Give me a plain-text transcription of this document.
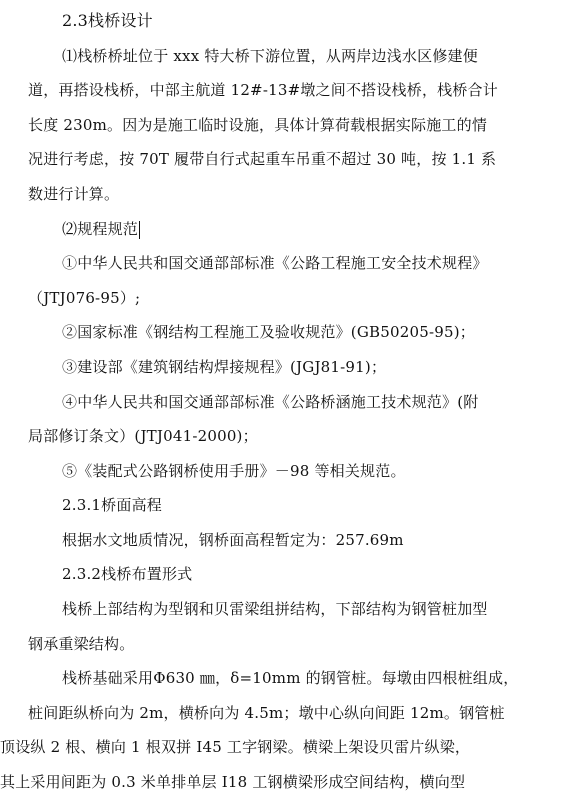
2.3栈桥设计
⑴栈桥桥址位于 xxx 特大桥下游位置，从两岸边浅水区修建便
道，再搭设栈桥，中部主航道 12#-13#墩之间不搭设栈桥，栈桥合计
长度 230m。因为是施工临时设施，具体计算荷载根据实际施工的情
况进行考虑，按 70T 履带自行式起重车吊重不超过 30 吨，按 1.1 系
数进行计算。
⑵规程规范
①中华人民共和国交通部部标准《公路工程施工安全技术规程》
（JTJ076-95）;
②国家标准《钢结构工程施工及验收规范》(GB50205-95)；
③建设部《建筑钢结构焊接规程》(JGJ81-91)；
④中华人民共和国交通部部标准《公路桥涵施工技术规范》(附
局部修订条文）(JTJ041-2000)；
⑤《装配式公路钢桥使用手册》－98 等相关规范。
2.3.1桥面高程
根据水文地质情况，钢桥面高程暂定为：257.69m
2.3.2栈桥布置形式
栈桥上部结构为型钢和贝雷梁组拼结构，下部结构为钢管桩加型
钢承重梁结构。
栈桥基础采用Φ630 ㎜，δ=10mm 的钢管桩。每墩由四根桩组成，
桩间距纵桥向为 2m，横桥向为 4.5m；墩中心纵向间距 12m。钢管桩
顶设纵 2 根、横向 1 根双拼 I45 工字钢梁。横梁上架设贝雷片纵梁，
其上采用间距为 0.3 米单排单层 I18 工钢横梁形成空间结构，横向型
